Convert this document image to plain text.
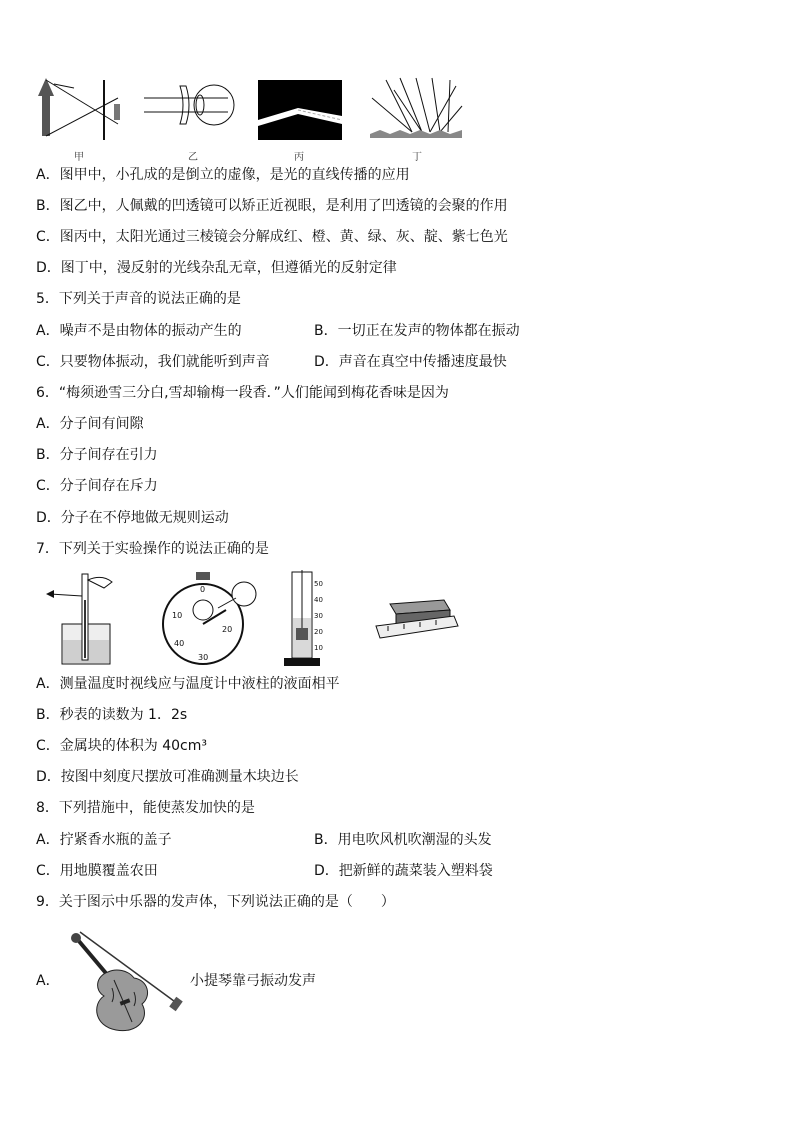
甲	乙	丙	丁
A．图甲中，小孔成的是倒立的虚像，是光的直线传播的应用
B．图乙中，人佩戴的凹透镜可以矫正近视眼，是利用了凹透镜的会聚的作用
C．图丙中，太阳光通过三棱镜会分解成红、橙、黄、绿、灰、靛、紫七色光
D．图丁中，漫反射的光线杂乱无章，但遵循光的反射定律
5．下列关于声音的说法正确的是
A．噪声不是由物体的振动产生的	B．一切正在发声的物体都在振动
C．只要物体振动，我们就能听到声音	D．声音在真空中传播速度最快
6．“梅须逊雪三分白,雪却输梅一段香．”人们能闻到梅花香味是因为
A．分子间有间隙
B．分子间存在引力
C．分子间存在斥力
D．分子在不停地做无规则运动
7．下列关于实验操作的说法正确的是
0
10
20
40
30
50
40
30
20
10
A．测量温度时视线应与温度计中液柱的液面相平
B．秒表的读数为 1．2s
C．金属块的体积为 40cm³
D．按图中刻度尺摆放可准确测量木块边长
8．下列措施中，能使蒸发加快的是
A．拧紧香水瓶的盖子	B．用电吹风机吹潮湿的头发
C．用地膜覆盖农田	D．把新鲜的蔬菜装入塑料袋
9．关于图示中乐器的发声体，下列说法正确的是（　　）
A．	小提琴靠弓振动发声
